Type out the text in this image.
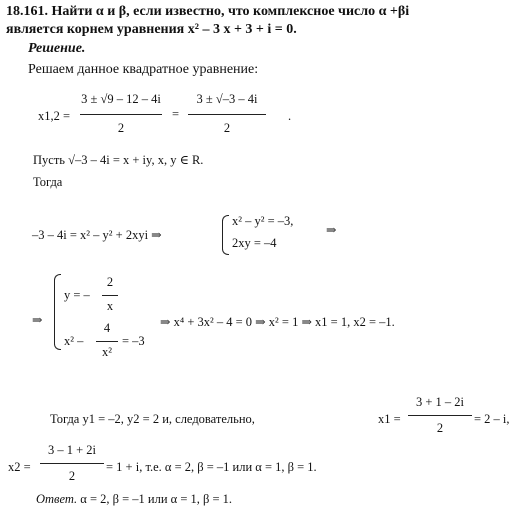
18.161. Найти α и β, если известно, что комплексное число α +βi
является корнем уравнения x² – 3 x + 3 + i = 0.
Решение.
Решаем данное квадратное уравнение:
x1,2 =
3 ± √9 – 12 – 4i
2
=
3 ± √–3 – 4i
2
.
Пусть √–3 – 4i = x + iy, x, y ∈ R.
Тогда
–3 – 4i = x² – y² + 2xyi ⇒
x² – y² = –3,
2xy = –4
⇒
⇒
y = –
2
x
x² –
4
x²
= –3
⇒ x⁴ + 3x² – 4 = 0 ⇒ x² = 1 ⇒ x1 = 1, x2 = –1.
Тогда y1 = –2, y2 = 2 и, следовательно,	x1 =
3 + 1 – 2i
2
= 2 – i,
x2 =
3 – 1 + 2i
2
= 1 + i, т.е. α = 2, β = –1 или α = 1, β = 1.
Ответ. α = 2, β = –1 или α = 1, β = 1.
